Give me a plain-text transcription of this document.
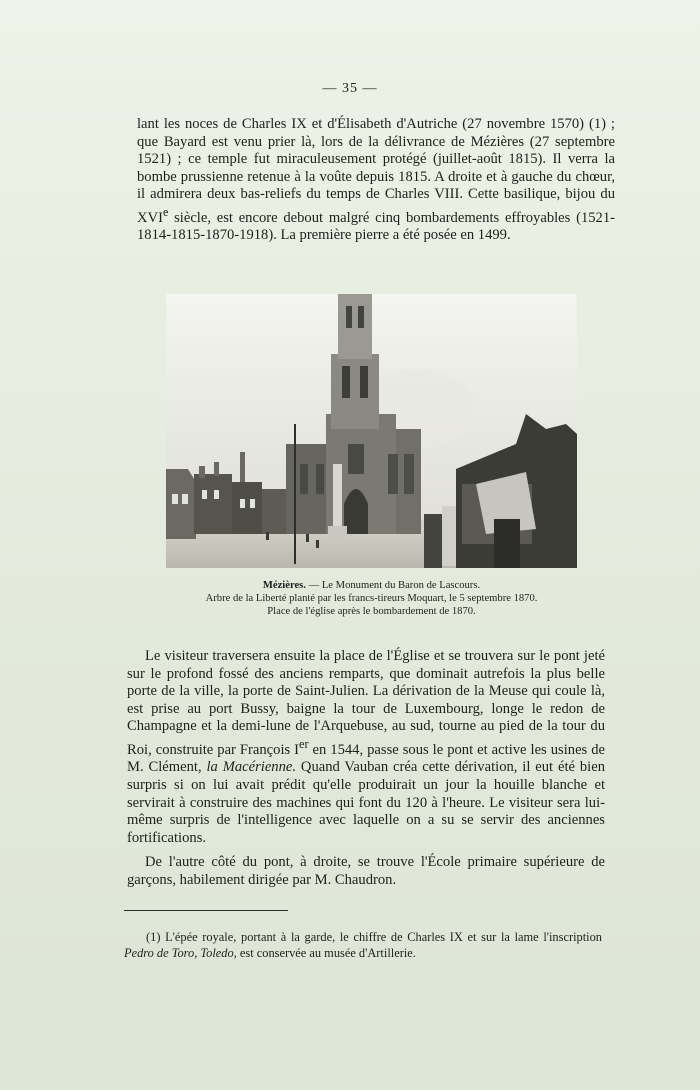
— 35 —

lant les noces de Charles IX et d'Élisabeth d'Autriche (27 novembre 1570) (1) ; que Bayard est venu prier là, lors de la délivrance de Mézières (27 septembre 1521) ; ce temple fut miraculeusement protégé (juillet-août 1815). Il verra la bombe prussienne retenue à la voûte depuis 1815. A droite et à gauche du chœur, il admirera deux bas-reliefs du temps de Charles VIII. Cette basilique, bijou du XVIe siècle, est encore debout malgré cinq bombardements effroyables (1521-1814-1815-1870-1918). La première pierre a été posée en 1499.

Mézières. — Le Monument du Baron de Lascours.
Arbre de la Liberté planté par les francs-tireurs Moquart, le 5 septembre 1870.
Place de l'église après le bombardement de 1870.

Le visiteur traversera ensuite la place de l'Église et se trouvera sur le pont jeté sur le profond fossé des anciens remparts, que dominait autrefois la plus belle porte de la ville, la porte de Saint-Julien. La dérivation de la Meuse qui coule là, est prise au port Bussy, baigne la tour de Luxembourg, longe le redon de Champagne et la demi-lune de l'Arquebuse, au sud, tourne au pied de la tour du Roi, construite par François Ier en 1544, passe sous le pont et active les usines de M. Clément, la Macérienne. Quand Vauban créa cette dérivation, il eut été bien surpris si on lui avait prédit qu'elle produirait un jour la houille blanche et servirait à construire des machines qui font du 120 à l'heure. Le visiteur sera lui-même surpris de l'intelligence avec laquelle on a su se servir des anciennes fortifications.

De l'autre côté du pont, à droite, se trouve l'École primaire supérieure de garçons, habilement dirigée par M. Chaudron.

(1) L'épée royale, portant à la garde, le chiffre de Charles IX et sur la lame l'inscription Pedro de Toro, Toledo, est conservée au musée d'Artillerie.
